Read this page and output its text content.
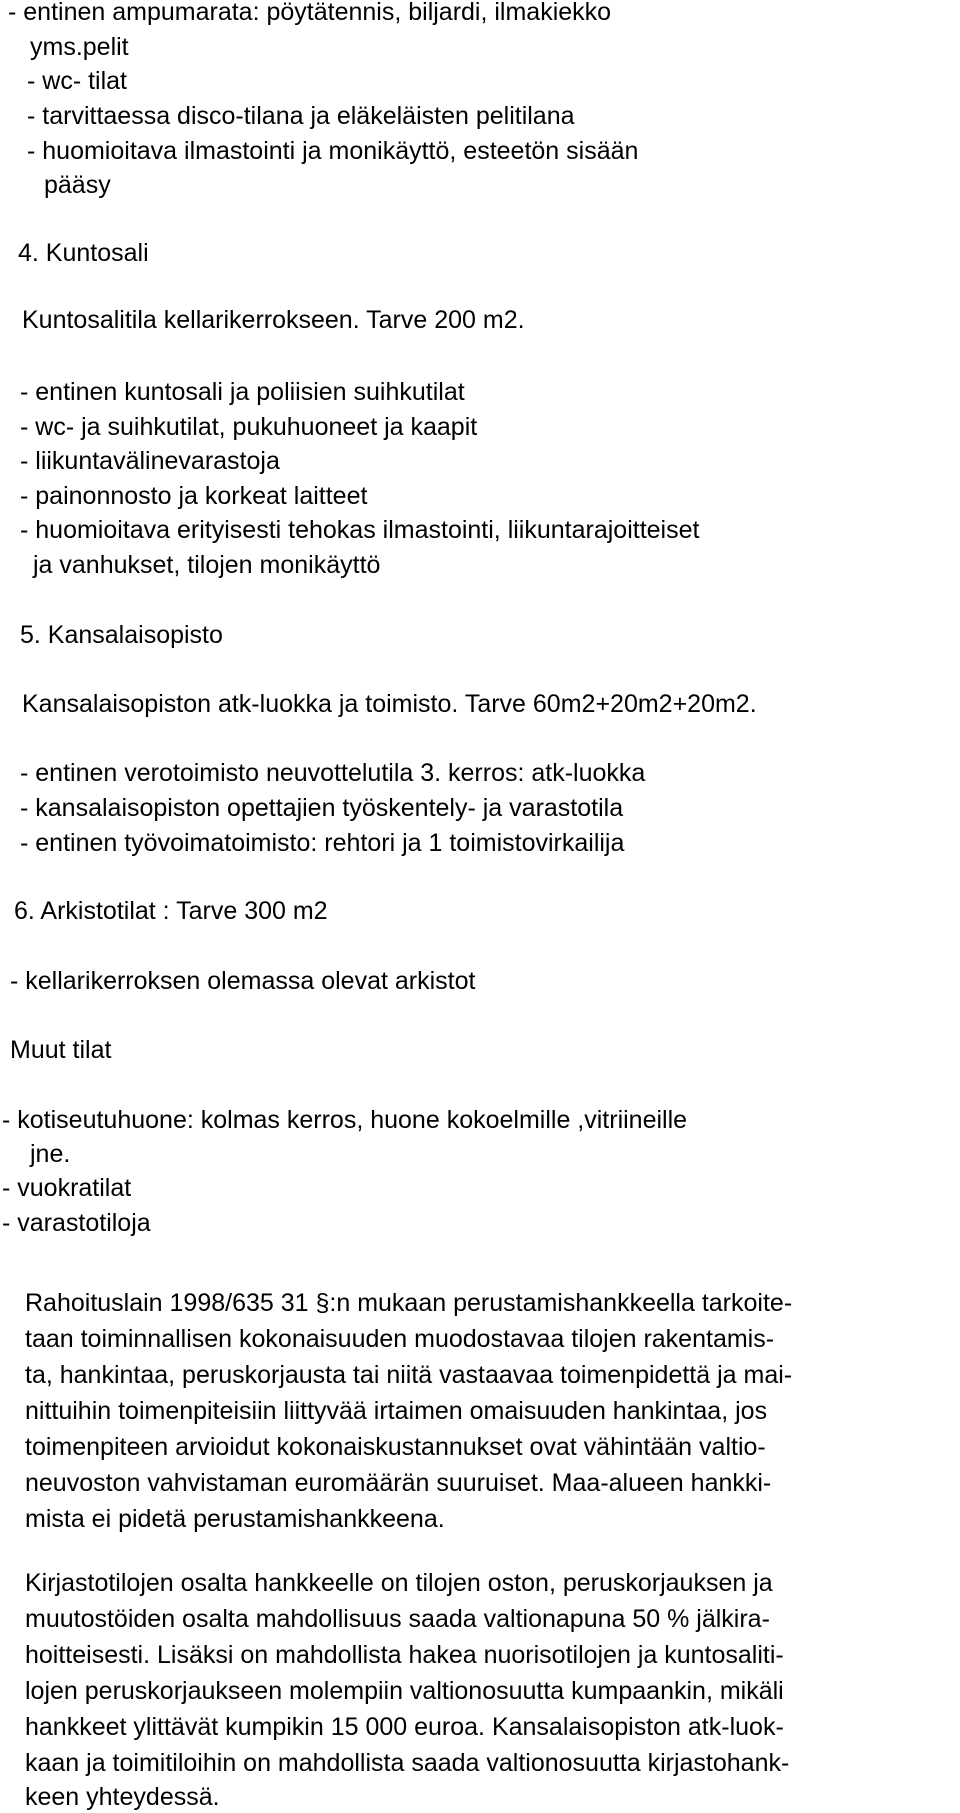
- entinen ampumarata: pöytätennis, biljardi, ilmakiekko
yms.pelit
- wc- tilat
- tarvittaessa disco-tilana ja eläkeläisten pelitilana
- huomioitava ilmastointi ja monikäyttö, esteetön sisään
pääsy
4. Kuntosali
Kuntosalitila kellarikerrokseen. Tarve 200 m2.
- entinen kuntosali ja poliisien suihkutilat
- wc- ja suihkutilat, pukuhuoneet ja kaapit
- liikuntavälinevarastoja
- painonnosto ja korkeat laitteet
- huomioitava erityisesti tehokas ilmastointi, liikuntarajoitteiset
ja vanhukset, tilojen monikäyttö
5. Kansalaisopisto
Kansalaisopiston atk-luokka ja toimisto. Tarve 60m2+20m2+20m2.
- entinen verotoimisto neuvottelutila 3. kerros: atk-luokka
- kansalaisopiston opettajien työskentely- ja varastotila
- entinen työvoimatoimisto: rehtori ja 1 toimistovirkailija
6. Arkistotilat : Tarve 300 m2
- kellarikerroksen olemassa olevat arkistot
Muut tilat
- kotiseutuhuone: kolmas kerros, huone kokoelmille ,vitriineille
jne.
- vuokratilat
- varastotiloja
Rahoituslain 1998/635 31 §:n mukaan perustamishankkeella tarkoite-
taan toiminnallisen kokonaisuuden muodostavaa tilojen rakentamis-
ta, hankintaa, peruskorjausta tai niitä vastaavaa toimenpidettä ja mai-
nittuihin toimenpiteisiin liittyvää irtaimen omaisuuden hankintaa, jos
toimenpiteen arvioidut kokonaiskustannukset ovat vähintään valtio-
neuvoston vahvistaman euromäärän suuruiset. Maa-alueen hankki-
mista ei pidetä perustamishankkeena.
Kirjastotilojen osalta hankkeelle on tilojen oston, peruskorjauksen ja
muutostöiden osalta mahdollisuus saada valtionapuna 50 % jälkira-
hoitteisesti. Lisäksi on mahdollista hakea nuorisotilojen ja kuntosaliti-
lojen peruskorjaukseen molempiin valtionosuutta kumpaankin, mikäli
hankkeet ylittävät kumpikin 15 000 euroa. Kansalaisopiston atk-luok-
kaan ja toimitiloihin on mahdollista saada valtionosuutta kirjastohank-
keen yhteydessä.
